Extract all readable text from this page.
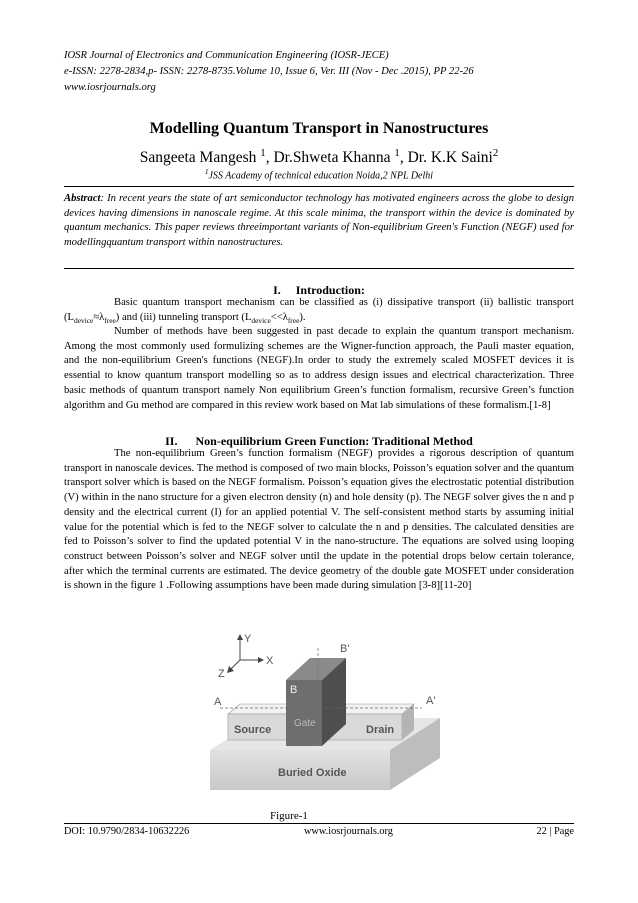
IOSR Journal of Electronics and Communication Engineering (IOSR-JECE)
e-ISSN: 2278-2834,p- ISSN: 2278-8735.Volume 10, Issue 6, Ver. III (Nov - Dec .2015), PP 22-26
www.iosrjournals.org
Modelling Quantum Transport in Nanostructures
Sangeeta Mangesh $^1$, Dr.Shweta Khanna $^1$, Dr. K.K Saini$^2$
$^1$JSS Academy of technical education Noida,2 NPL Delhi
Abstract: In recent years the state of art semiconductor technology has motivated engineers across the globe to design devices having dimensions in nanoscale regime. At this scale minima, the transport within the device is dominated by quantum mechanics. This paper reviews threeimportant variants of Non-equilibrium Green's Function (NEGF) used for modellingquantum transport within nanostructures.
I. Introduction:
Basic quantum transport mechanism can be classified as (i) dissipative transport (ii) ballistic transport $(L_{device}\approx\lambda_{free})$ and (iii) tunneling transport $(L_{device}<<\lambda_{free})$.
Number of methods have been suggested in past decade to explain the quantum transport mechanism. Among the most commonly used formulizing schemes are the Wigner-function approach, the Pauli master equation, and the non-equilibrium Green's functions (NEGF).In order to study the extremely scaled MOSFET devices it is essential to know quantum transport modelling so as to address design issues and electrical characterization. Three basic methods of quantum transport namely Non equilibrium Green’s function formalism, recursive Green’s function algorithm and Gu method are compared in this review work based on Mat lab simulations of these formalism.[1-8]
II. Non-equilibrium Green Function: Traditional Method
The non-equilibrium Green’s function formalism (NEGF) provides a rigorous description of quantum transport in nanoscale devices. The method is composed of two main blocks, Poisson’s equation solver and the quantum transport solver which is based on the NEGF formalism. Poisson’s equation gives the electrostatic potential distribution (V) within in the nano structure for a given electron density (n) and hole density (p). The NEGF solver gives the n and p density and the electrical current (I) for an applied potential V. The self-consistent method starts by assuming initial value for the potential which is fed to the NEGF solver to calculate the n and p densities. The calculated densities are fed to Poisson’s solver to find the updated potential V in the nano-structure. The equations are solved using looping construct between Poisson’s solver and NEGF solver until the update in the potential drops below certain tolerance, after which the terminal currents are estimated. The device geometry of the double gate MOSFET under consideration is shown in the figure 1 .Following assumptions have been made during simulation [3-8][11-20]
Y
X
Z
A	A'
B
B'
Source
Gate
Drain
Buried Oxide
Figure-1
DOI: 10.9790/2834-10632226	www.iosrjournals.org	22 | Page
